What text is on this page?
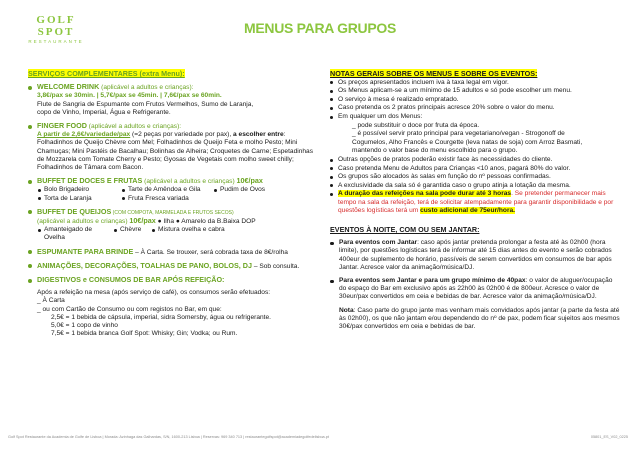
GOLF SPOT
RESTAURANTE
MENUS PARA GRUPOS
SERVIÇOS COMPLEMENTARES (extra Menu):
WELCOME DRINK (aplicável a adultos e crianças):
3,8€/pax se 30min. | 5,7€/pax se 45min. | 7,6€/pax se 60min.
Flute de Sangria de Espumante com Frutos Vermelhos, Sumo de Laranja,
copo de Vinho, Imperial, Água e Refrigerante.
FINGER FOOD (aplicável a adultos e crianças):
A partir de 2,6€/variedade/pax (=2 peças por variedade por pax), a escolher entre: Folhadinhos de Queijo Chèvre com Mel; Folhadinhos de Queijo Feta e molho Pesto; Mini Chamuças; Mini Pastéis de Bacalhau; Bolinhas de Alheira; Croquetes de Carne; Espetadinhas de Mozzarela com Tomate Cherry e Pesto; Gyosas de Vegetais com molho sweet chilly; Folhadinhos de Tâmara com Bacon.
BUFFET DE DOCES E FRUTAS (aplicável a adultos e crianças) 10€/pax
Bolo Brigadeiro	Tarte de Amêndoa e Gila	Pudim de Ovos
Torta de Laranja	Fruta Fresca variada
BUFFET DE QUEIJOS (COM COMPOTA, MARMELADA E FRUTOS SECOS)
(aplicável a adultos e crianças) 10€/pax ● Ilha ● Amarelo da B.Baixa DOP
Amanteigado de Ovelha
Chèvre	Mistura ovelha e cabra
ESPUMANTE PARA BRINDE – À Carta. Se trouxer, será cobrada taxa de 8€/rolha
ANIMAÇÕES, DECORAÇÕES, TOALHAS DE PANO, BOLOS, DJ – Sob consulta.
DIGESTIVOS e CONSUMOS DE BAR APÓS REFEIÇÃO:
Após a refeição na mesa (após serviço de café), os consumos serão efetuados:
_ À Carta
_ ou com Cartão de Consumo ou com registos no Bar, em que:
2,5€ = 1 bebida de cápsula, imperial, sidra Somersby, água ou refrigerante.
5,0€ = 1 copo de vinho
7,5€ = 1 bebida branca Golf Spot: Whisky; Gin; Vodka; ou Rum.
NOTAS GERAIS SOBRE OS MENUS E SOBRE OS EVENTOS:
Os preços apresentados incluem iva à taxa legal em vigor.
Os Menus aplicam-se a um mínimo de 15 adultos e só pode escolher um menu.
O serviço à mesa é realizado empratado.
Caso pretenda os 2 pratos principais acresce 20% sobre o valor do menu.
Em qualquer um dos Menus:
_ pode substituir o doce por fruta da época.
_ é possível servir prato principal para vegetariano/vegan - Strogonoff de
Cogumelos, Alho Francês e Courgette (leva natas de soja) com Arroz Basmati,
mantendo o valor base do menu escolhido para o grupo.
Outras opções de pratos poderão existir face às necessidades do cliente.
Caso pretenda Menu de Adultos para Crianças <10 anos, pagará 80% do valor.
Os grupos são alocados às salas em função do nº pessoas confirmadas.
A exclusividade da sala só é garantida caso o grupo atinja a lotação da mesma.
A duração das refeições na sala pode durar até 3 horas. Se pretender permanecer mais tempo na sala da refeição, terá de solicitar atempadamente para garantir disponibilidade e por questões logísticas terá um custo adicional de 75eur/hora.
EVENTOS À NOITE, COM OU SEM JANTAR:
Para eventos com Jantar: caso após jantar pretenda prolongar a festa até às 02h00 (hora limite), por questões logísticas terá de informar até 15 dias antes do evento e serão cobrados 400eur de suplemento de horário, passíveis de serem convertidos em consumos de bar após Jantar. Acresce valor da animação/música/DJ.
Para eventos sem Jantar e para um grupo mínimo de 40pax: o valor de aluguer/ocupação do espaço do Bar em exclusivo após as 22h00 às 02h00 é de 800eur. Acresce o valor de 30eur/pax convertidos em ceia e bebidas de bar. Acresce valor da animação/música/DJ.
Nota: Caso parte do grupo jante mas venham mais convidados após jantar (a parte da festa até às 02h00), os que não jantam e/ou dependendo do nº de pax, podem ficar sujeitos aos mesmos 30€/pax convertidos em ceia e bebidas de bar.
Golf Spot Restaurante da Academia de Golfe de Lisboa | Morada: Azinhaga das Galhardas, S/N, 1600-213 Lisboa | Reservas: 969 340 713 | restaurantegolfspot@academiadegolfedelisboa.pt	05801_ES_V02_0225
